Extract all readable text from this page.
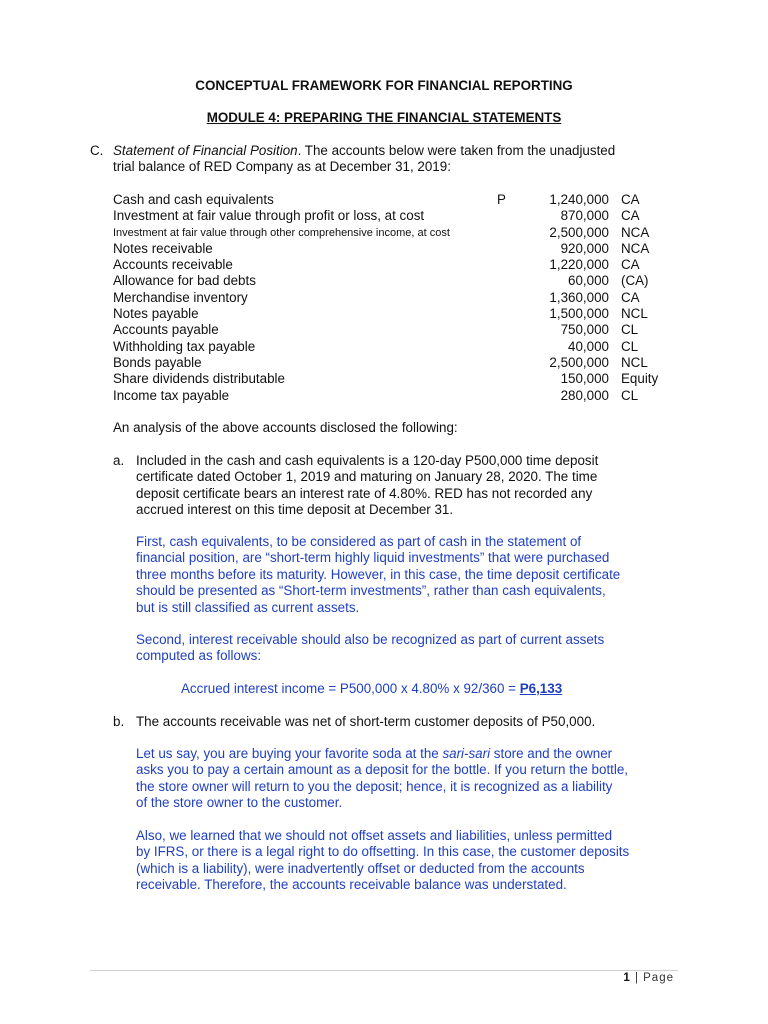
CONCEPTUAL FRAMEWORK FOR FINANCIAL REPORTING
MODULE 4: PREPARING THE FINANCIAL STATEMENTS
C. Statement of Financial Position. The accounts below were taken from the unadjusted
trial balance of RED Company as at December 31, 2019:
Cash and cash equivalents	P	1,240,000 CA
Investment at fair value through profit or loss, at cost	870,000 CA
Investment at fair value through other comprehensive income, at cost	2,500,000 NCA
Notes receivable	920,000 NCA
Accounts receivable	1,220,000 CA
Allowance for bad debts	60,000 (CA)
Merchandise inventory	1,360,000 CA
Notes payable	1,500,000 NCL
Accounts payable	750,000 CL
Withholding tax payable	40,000 CL
Bonds payable	2,500,000 NCL
Share dividends distributable	150,000 Equity
Income tax payable	280,000 CL
An analysis of the above accounts disclosed the following:
a. Included in the cash and cash equivalents is a 120-day P500,000 time deposit
certificate dated October 1, 2019 and maturing on January 28, 2020. The time
deposit certificate bears an interest rate of 4.80%. RED has not recorded any
accrued interest on this time deposit at December 31.
First, cash equivalents, to be considered as part of cash in the statement of
financial position, are “short-term highly liquid investments” that were purchased
three months before its maturity. However, in this case, the time deposit certificate
should be presented as “Short-term investments”, rather than cash equivalents,
but is still classified as current assets.
Second, interest receivable should also be recognized as part of current assets
computed as follows:
Accrued interest income = P500,000 x 4.80% x 92/360 = P6,133
b. The accounts receivable was net of short-term customer deposits of P50,000.
Let us say, you are buying your favorite soda at the sari-sari store and the owner
asks you to pay a certain amount as a deposit for the bottle. If you return the bottle,
the store owner will return to you the deposit; hence, it is recognized as a liability
of the store owner to the customer.
Also, we learned that we should not offset assets and liabilities, unless permitted
by IFRS, or there is a legal right to do offsetting. In this case, the customer deposits
(which is a liability), were inadvertently offset or deducted from the accounts
receivable. Therefore, the accounts receivable balance was understated.
1 | Page
